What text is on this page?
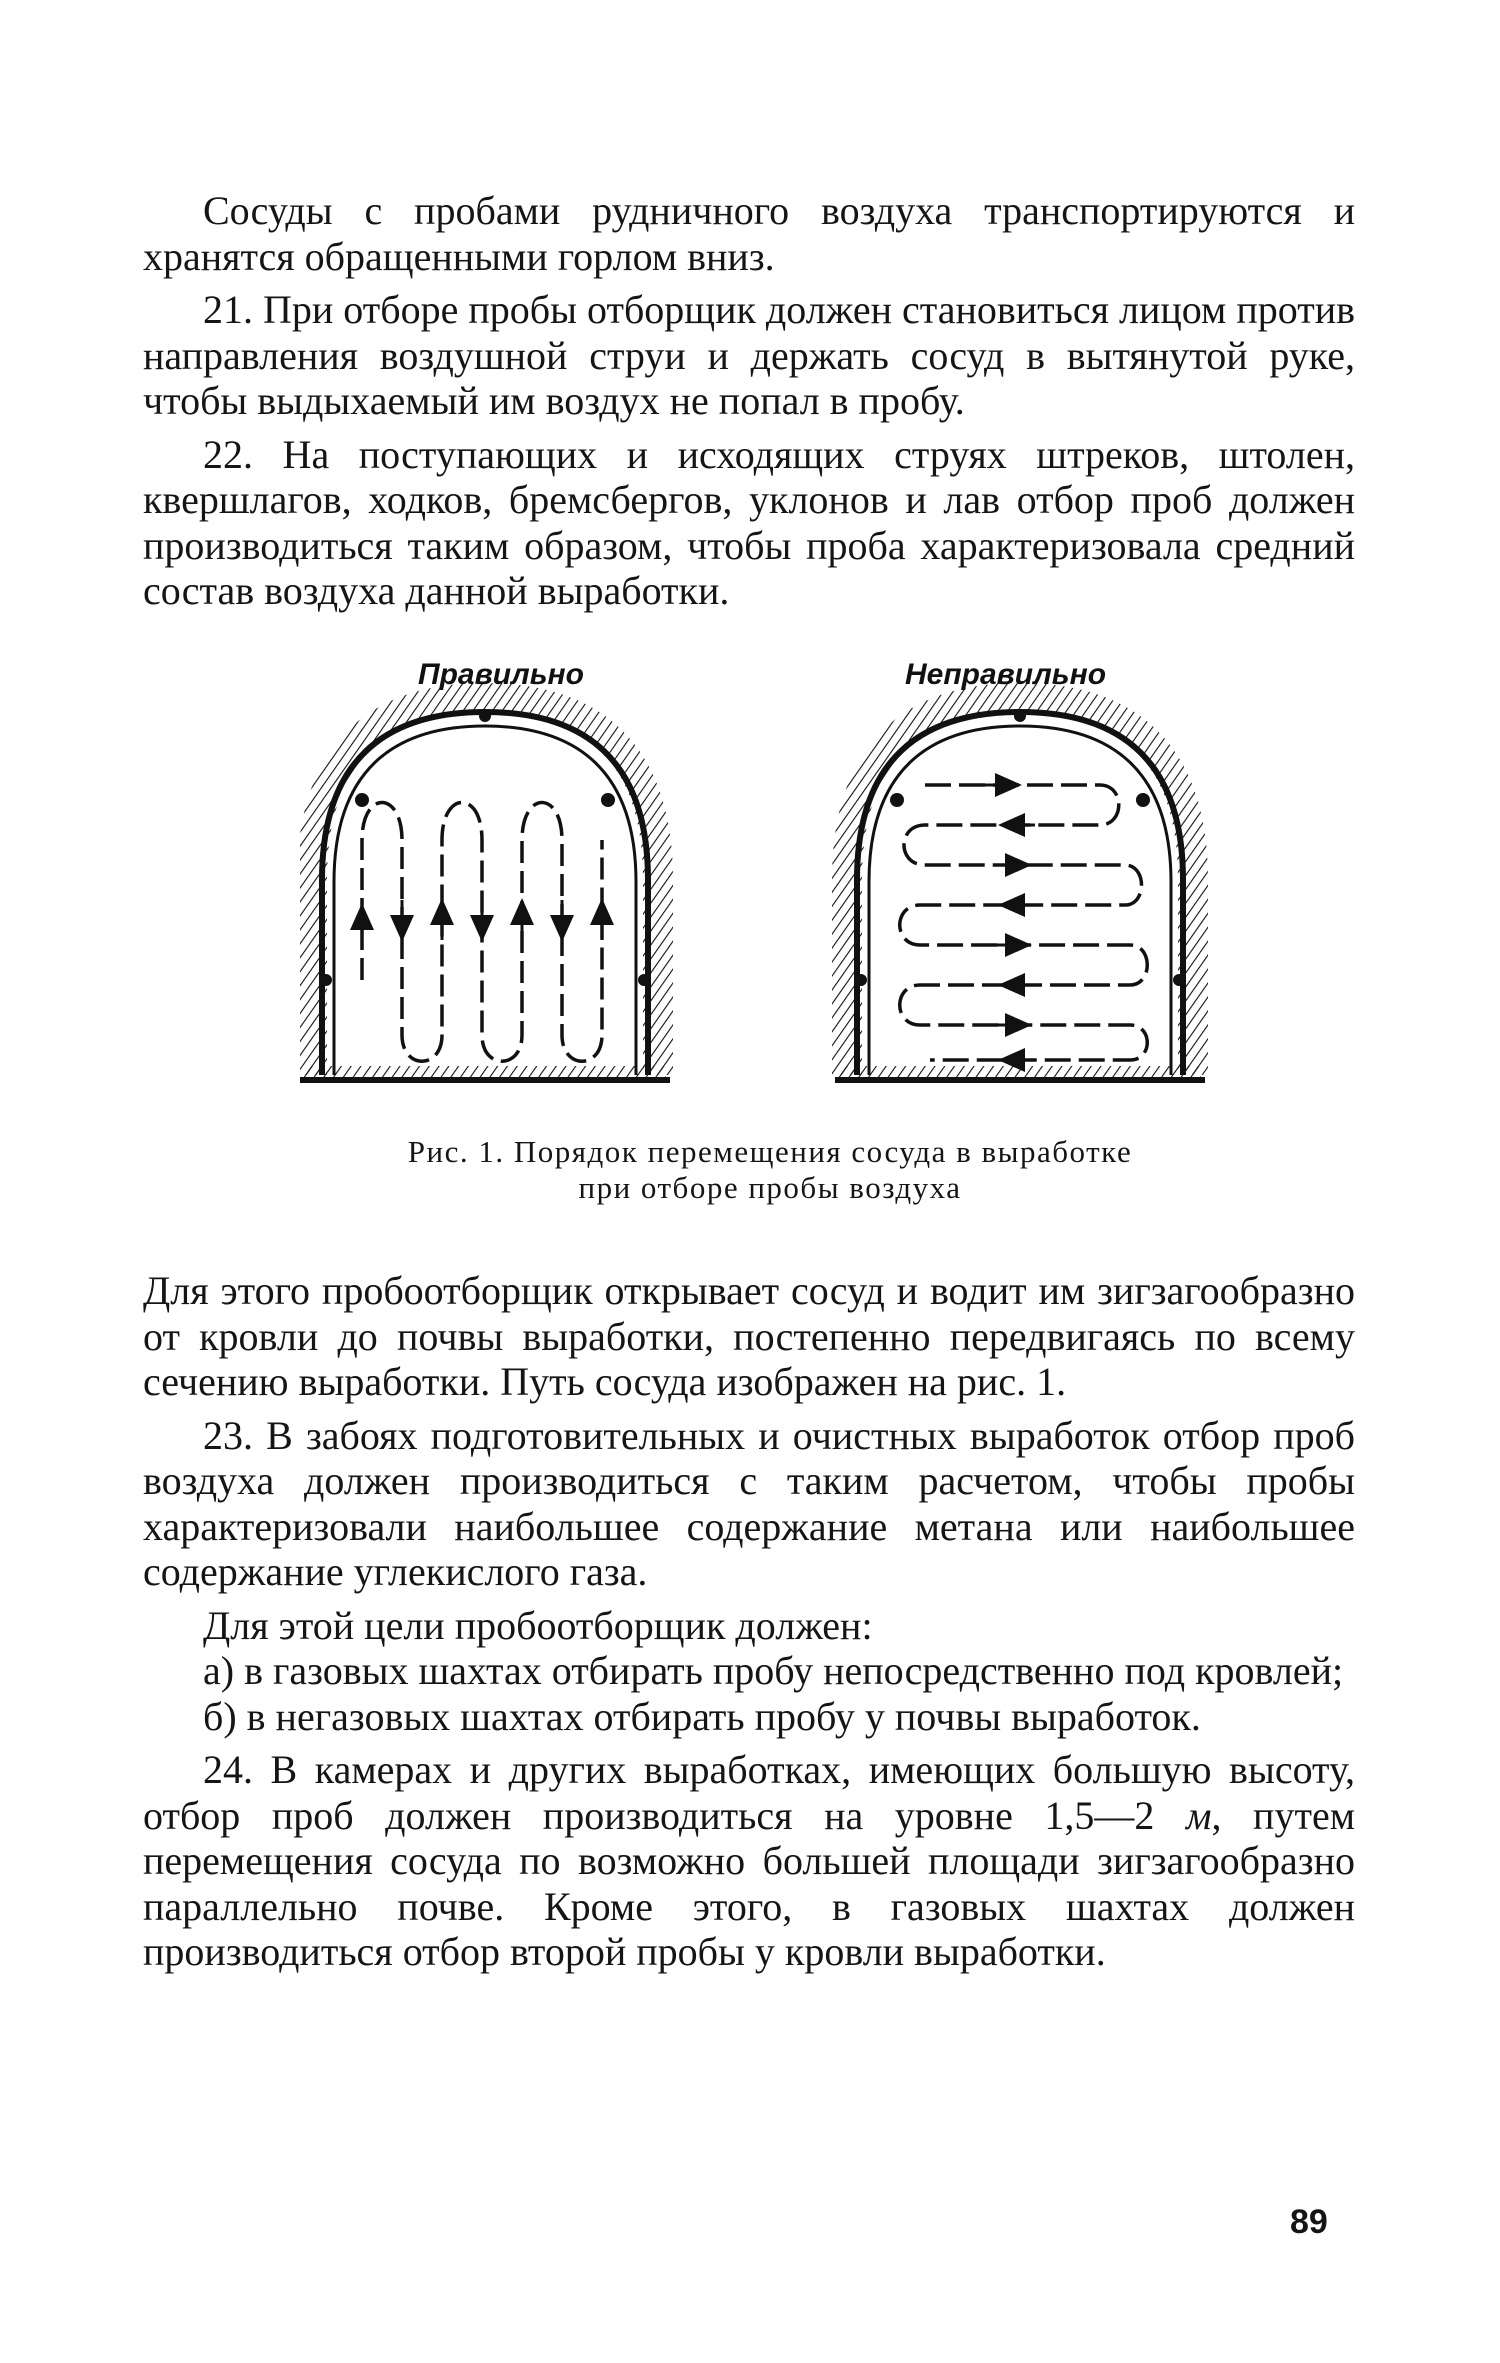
Сосуды с пробами рудничного воздуха транспортируются и хранятся обращенными горлом вниз.

21. При отборе пробы отборщик должен становиться лицом против направления воздушной струи и держать сосуд в вытянутой руке, чтобы выдыхаемый им воздух не попал в пробу.

22. На поступающих и исходящих струях штреков, штолен, квершлагов, ходков, бремсбергов, уклонов и лав отбор проб должен производиться таким образом, чтобы проба характеризовала средний состав воздуха данной выработки.

Правильно	Неправильно
Рис. 1. Порядок перемещения сосуда в выработке
при отборе пробы воздуха

Для этого пробоотборщик открывает сосуд и водит им зигзагообразно от кровли до почвы выработки, постепенно передвигаясь по всему сечению выработки. Путь сосуда изображен на рис. 1.

23. В забоях подготовительных и очистных выработок отбор проб воздуха должен производиться с таким расчетом, чтобы пробы характеризовали наибольшее содержание метана или наибольшее содержание углекислого газа.

Для этой цели пробоотборщик должен:

а) в газовых шахтах отбирать пробу непосредственно под кровлей;

б) в негазовых шахтах отбирать пробу у почвы выработок.

24. В камерах и других выработках, имеющих большую высоту, отбор проб должен производиться на уровне 1,5—2 м, путем перемещения сосуда по возможно большей площади зигзагообразно параллельно почве. Кроме этого, в газовых шахтах должен производиться отбор второй пробы у кровли выработки.

89
